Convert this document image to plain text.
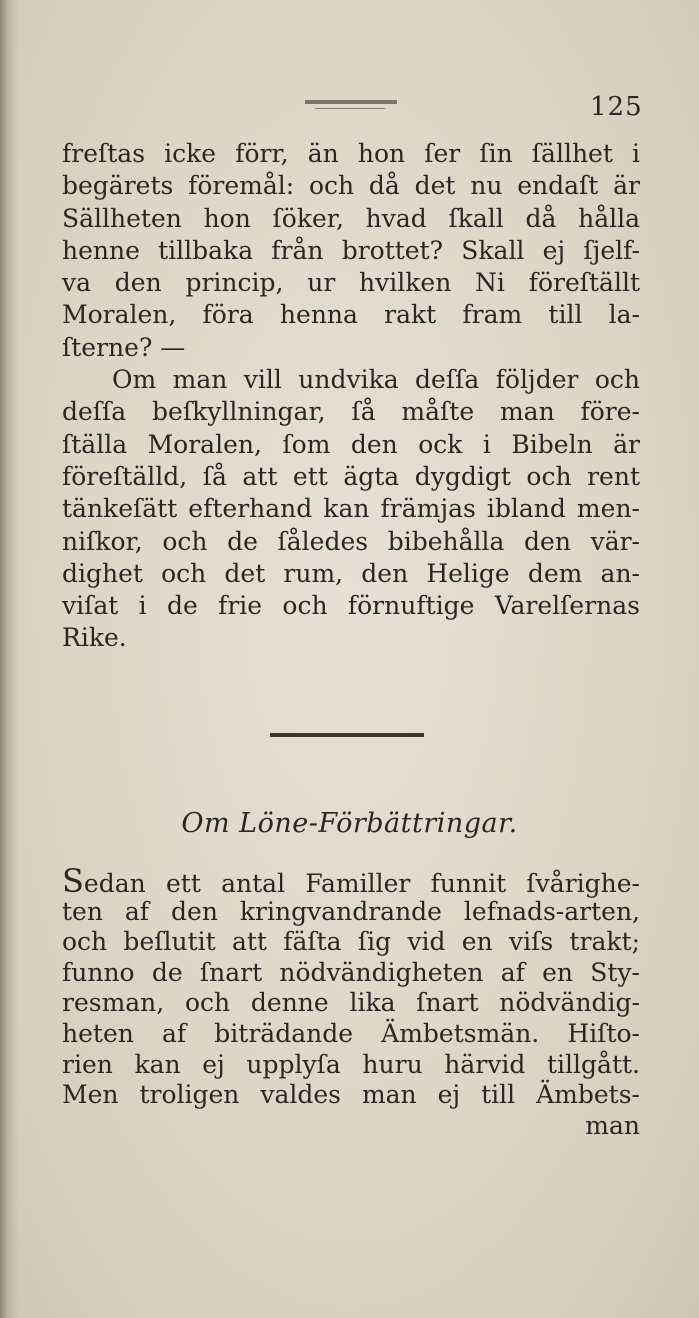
125
freſtas icke förr, än hon ſer ſin ſällhet i
begärets föremål: och då det nu endaſt är
Sällheten hon ſöker, hvad ſkall då hålla
henne tillbaka från brottet? Skall ej ſjelf-
va den princip, ur hvilken Ni föreſtällt
Moralen, föra henna rakt fram till la-
ſterne? —
Om man vill undvika deſſa följder och
deſſa beſkyllningar, ſå måſte man före-
ſtälla Moralen, ſom den ock i Bibeln är
föreſtälld, ſå att ett ägta dygdigt och rent
tänkeſätt efterhand kan främjas ibland men-
niſkor, och de ſåledes bibehålla den vär-
dighet och det rum, den Helige dem an-
viſat i de frie och förnuftige Varelſernas
Rike.
Om Löne-Förbättringar.
Sedan ett antal Familler funnit ſvårighe-
ten af den kringvandrande lefnads-arten,
och beſlutit att fäſta ſig vid en viſs trakt;
funno de ſnart nödvändigheten af en Sty-
resman, och denne lika ſnart nödvändig-
heten af biträdande Ämbetsmän. Hiſto-
rien kan ej upplyſa huru härvid tillgått.
Men troligen valdes man ej till Ämbets-
man
